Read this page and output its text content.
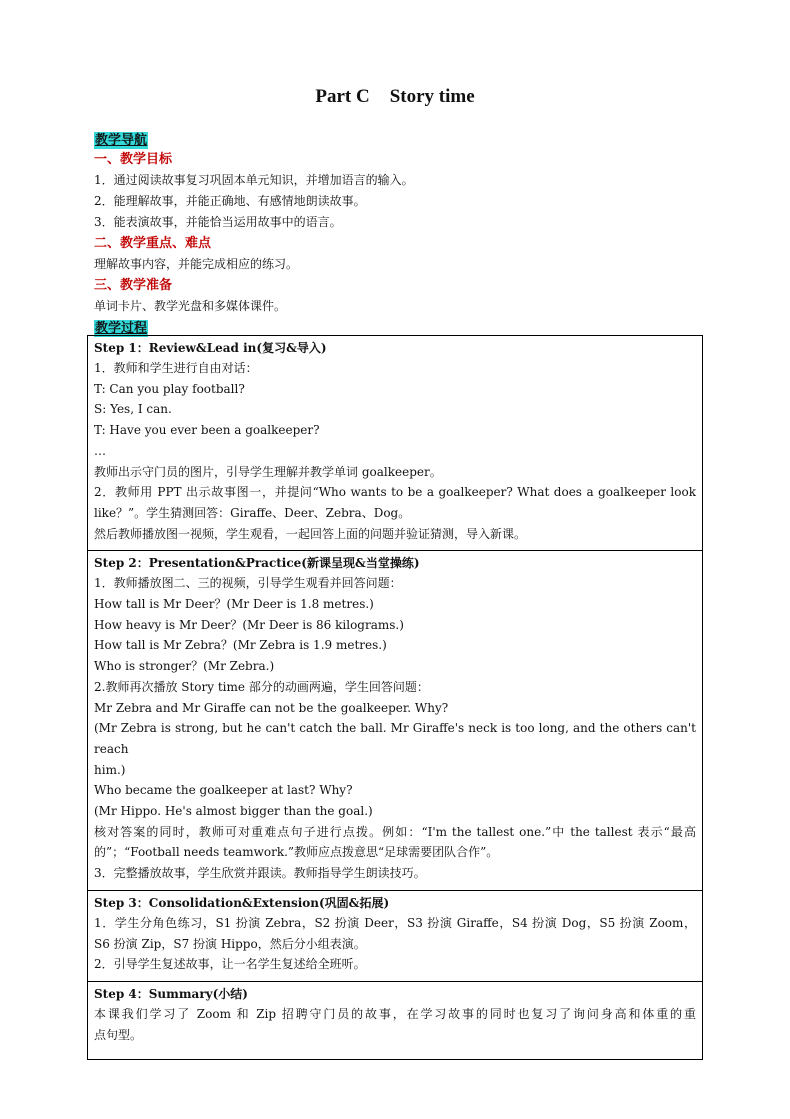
Part C Story time
教学导航
一、教学目标
1．通过阅读故事复习巩固本单元知识，并增加语言的输入。
2．能理解故事，并能正确地、有感情地朗读故事。
3．能表演故事，并能恰当运用故事中的语言。
二、教学重点、难点
理解故事内容，并能完成相应的练习。
三、教学准备
单词卡片、教学光盘和多媒体课件。
教学过程
Step 1：Review&Lead in(复习&导入)
1．教师和学生进行自由对话：
T: Can you play football?
S: Yes, I can.
T: Have you ever been a goalkeeper?
…
教师出示守门员的图片，引导学生理解并教学单词 goalkeeper。
2．教师用 PPT 出示故事图一，并提问“Who wants to be a goalkeeper? What does a goalkeeper look
like？”。学生猜测回答：Giraffe、Deer、Zebra、Dog。
然后教师播放图一视频，学生观看，一起回答上面的问题并验证猜测，导入新课。

Step 2：Presentation&Practice(新课呈现&当堂操练)
1．教师播放图二、三的视频，引导学生观看并回答问题：
How tall is Mr Deer？(Mr Deer is 1.8 metres.)
How heavy is Mr Deer？(Mr Deer is 86 kilograms.)
How tall is Mr Zebra？(Mr Zebra is 1.9 metres.)
Who is stronger？(Mr Zebra.)
2.教师再次播放 Story time 部分的动画两遍，学生回答问题：
Mr Zebra and Mr Giraffe can not be the goalkeeper. Why?
(Mr Zebra is strong, but he can't catch the ball. Mr Giraffe's neck is too long, and the others can't reach
him.)
Who became the goalkeeper at last? Why?
(Mr Hippo. He's almost bigger than the goal.)
核对答案的同时，教师可对重难点句子进行点拨。例如：“I'm the tallest one.”中 the tallest 表示“最高
的”；“Football needs teamwork.”教师应点拨意思“足球需要团队合作”。
3．完整播放故事，学生欣赏并跟读。教师指导学生朗读技巧。

Step 3：Consolidation&Extension(巩固&拓展)
1．学生分角色练习，S1 扮演 Zebra，S2 扮演 Deer，S3 扮演 Giraffe，S4 扮演 Dog，S5 扮演 Zoom，
S6 扮演 Zip，S7 扮演 Hippo，然后分小组表演。
2．引导学生复述故事，让一名学生复述给全班听。

Step 4：Summary(小结)
本课我们学习了 Zoom 和 Zip 招聘守门员的故事，在学习故事的同时也复习了询问身高和体重的重
点句型。
